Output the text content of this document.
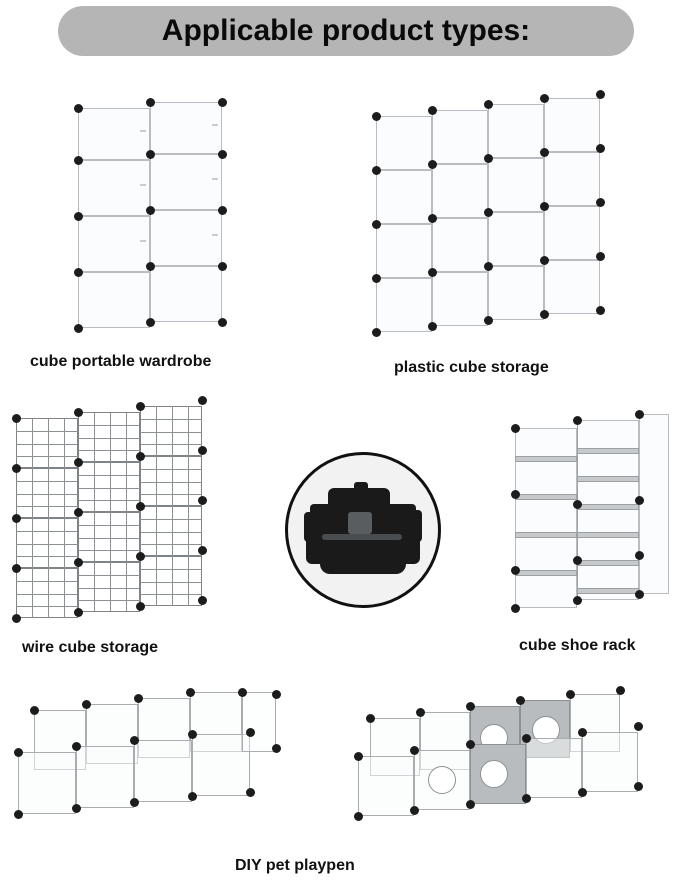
Applicable product types:
cube portable wardrobe	plastic cube storage
wire cube storage	cube shoe rack
DIY pet playpen
